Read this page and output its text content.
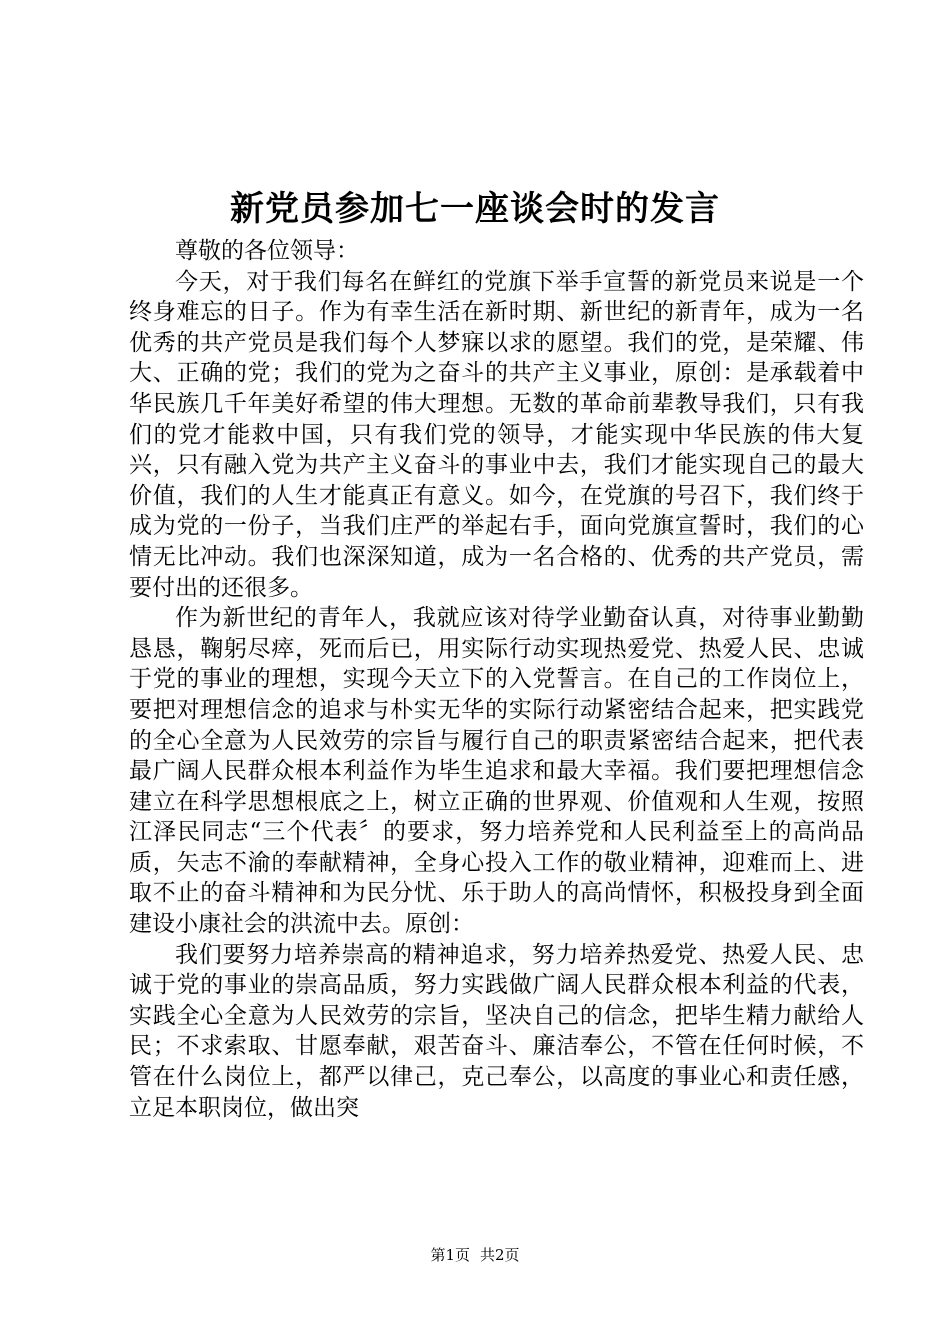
新党员参加七一座谈会时的发言

尊敬的各位领导：

今天，对于我们每名在鲜红的党旗下举手宣誓的新党员来说是一个终身难忘的日子。作为有幸生活在新时期、新世纪的新青年，成为一名优秀的共产党员是我们每个人梦寐以求的愿望。我们的党，是荣耀、伟大、正确的党；我们的党为之奋斗的共产主义事业，原创：是承载着中华民族几千年美好希望的伟大理想。无数的革命前辈教导我们，只有我们的党才能救中国，只有我们党的领导，才能实现中华民族的伟大复兴，只有融入党为共产主义奋斗的事业中去，我们才能实现自己的最大价值，我们的人生才能真正有意义。如今，在党旗的号召下，我们终于成为党的一份子，当我们庄严的举起右手，面向党旗宣誓时，我们的心情无比冲动。我们也深深知道，成为一名合格的、优秀的共产党员，需要付出的还很多。

作为新世纪的青年人，我就应该对待学业勤奋认真，对待事业勤勤恳恳，鞠躬尽瘁，死而后已，用实际行动实现热爱党、热爱人民、忠诚于党的事业的理想，实现今天立下的入党誓言。在自己的工作岗位上，要把对理想信念的追求与朴实无华的实际行动紧密结合起来，把实践党的全心全意为人民效劳的宗旨与履行自己的职责紧密结合起来，把代表最广阔人民群众根本利益作为毕生追求和最大幸福。我们要把理想信念建立在科学思想根底之上，树立正确的世界观、价值观和人生观，按照江泽民同志“三个代表〞的要求，努力培养党和人民利益至上的高尚品质，矢志不渝的奉献精神，全身心投入工作的敬业精神，迎难而上、进取不止的奋斗精神和为民分忧、乐于助人的高尚情怀，积极投身到全面建设小康社会的洪流中去。原创：

我们要努力培养崇高的精神追求，努力培养热爱党、热爱人民、忠诚于党的事业的崇高品质，努力实践做广阔人民群众根本利益的代表，实践全心全意为人民效劳的宗旨，坚决自己的信念，把毕生精力献给人民；不求索取、甘愿奉献，艰苦奋斗、廉洁奉公，不管在任何时候，不管在什么岗位上，都严以律己，克己奉公，以高度的事业心和责任感，立足本职岗位，做出突

第1页 共2页
